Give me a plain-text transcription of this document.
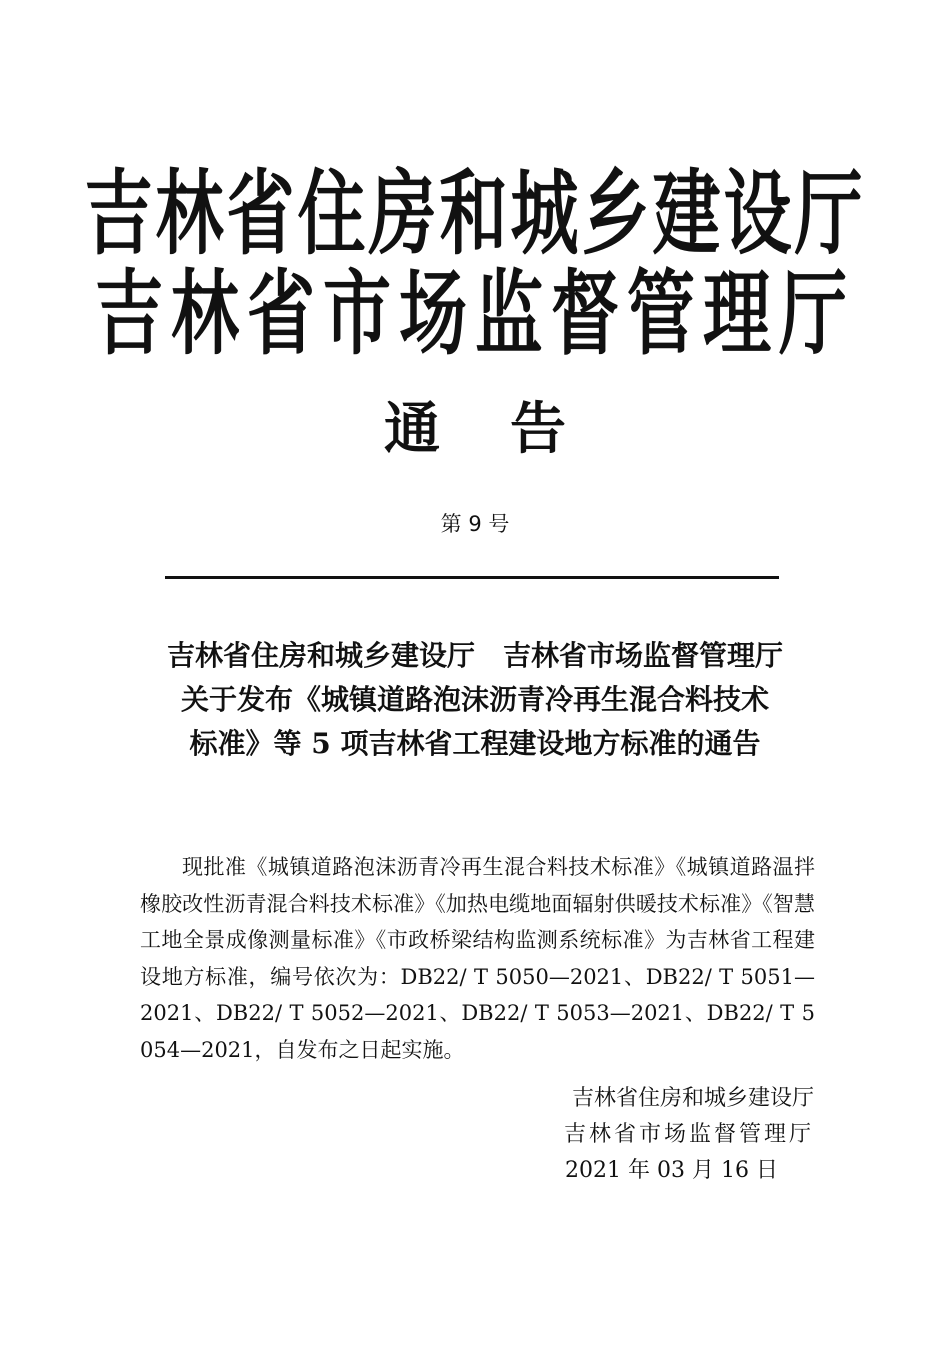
吉林省住房和城乡建设厅
吉林省市场监督管理厅
通告
第 9 号
吉林省住房和城乡建设厅　吉林省市场监督管理厅
关于发布《城镇道路泡沫沥青冷再生混合料技术
标准》等 5 项吉林省工程建设地方标准的通告

现批准《城镇道路泡沫沥青冷再生混合料技术标准》《城镇道路温拌橡胶改性沥青混合料技术标准》《加热电缆地面辐射供暖技术标准》《智慧工地全景成像测量标准》《市政桥梁结构监测系统标准》为吉林省工程建设地方标准，编号依次为：DB22/ T 5050—2021、DB22/ T 5051—2021、DB22/ T 5052—2021、DB22/ T 5053—2021、DB22/ T 5054—2021，自发布之日起实施。

吉林省住房和城乡建设厅
吉林省市场监督管理厅
2021 年 03 月 16 日
